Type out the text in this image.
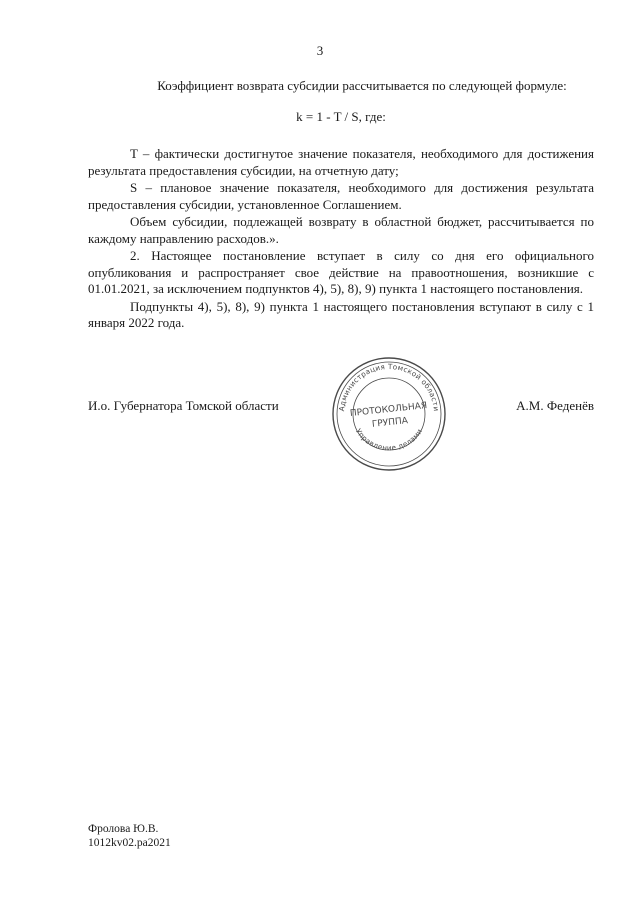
3

Коэффициент возврата субсидии рассчитывается по следующей формуле:

k = 1 - T / S, где:

T – фактически достигнутое значение показателя, необходимого для достижения результата предоставления субсидии, на отчетную дату;

S – плановое значение показателя, необходимого для достижения результата предоставления субсидии, установленное Соглашением.

Объем субсидии, подлежащей возврату в областной бюджет, рассчитывается по каждому направлению расходов.».

2. Настоящее постановление вступает в силу со дня его официального опубликования и распространяет свое действие на правоотношения, возникшие с 01.01.2021, за исключением подпунктов 4), 5), 8), 9) пункта 1 настоящего постановления.

Подпункты 4), 5), 8), 9) пункта 1 настоящего постановления вступают в силу с 1 января 2022 года.

И.о. Губернатора Томской области	А.М. Феденёв
Администрация Томской области
Управление делами
ПРОТОКОЛЬНАЯ
ГРУППА
Фролова Ю.В.
1012kv02.pa2021
